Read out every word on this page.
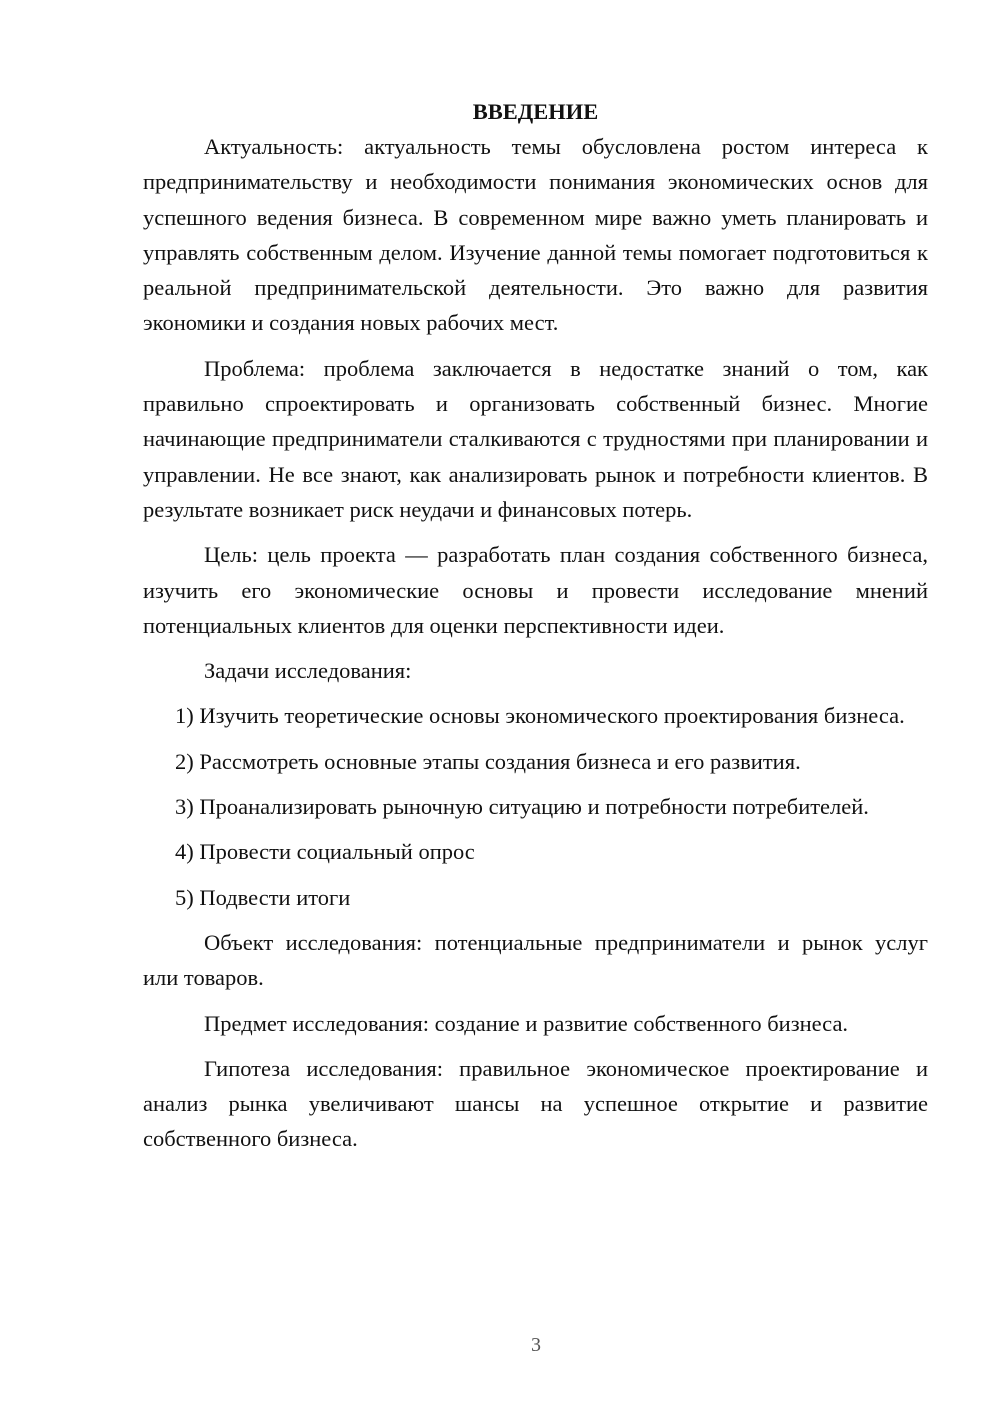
ВВЕДЕНИЕ

Актуальность: актуальность темы обусловлена ростом интереса к предпринимательству и необходимости понимания экономических основ для успешного ведения бизнеса. В современном мире важно уметь планировать и управлять собственным делом. Изучение данной темы помогает подготовиться к реальной предпринимательской деятельности. Это важно для развития экономики и создания новых рабочих мест.

Проблема: проблема заключается в недостатке знаний о том, как правильно спроектировать и организовать собственный бизнес. Многие начинающие предприниматели сталкиваются с трудностями при планировании и управлении. Не все знают, как анализировать рынок и потребности клиентов. В результате возникает риск неудачи и финансовых потерь.

Цель: цель проекта — разработать план создания собственного бизнеса, изучить его экономические основы и провести исследование мнений потенциальных клиентов для оценки перспективности идеи.

Задачи исследования:

1) Изучить теоретические основы экономического проектирования бизнеса.

2) Рассмотреть основные этапы создания бизнеса и его развития.

3) Проанализировать рыночную ситуацию и потребности потребителей.

4) Провести социальный опрос

5) Подвести итоги

Объект исследования: потенциальные предприниматели и рынок услуг или товаров.

Предмет исследования: создание и развитие собственного бизнеса.

Гипотеза исследования: правильное экономическое проектирование и анализ рынка увеличивают шансы на успешное открытие и развитие собственного бизнеса.

3
